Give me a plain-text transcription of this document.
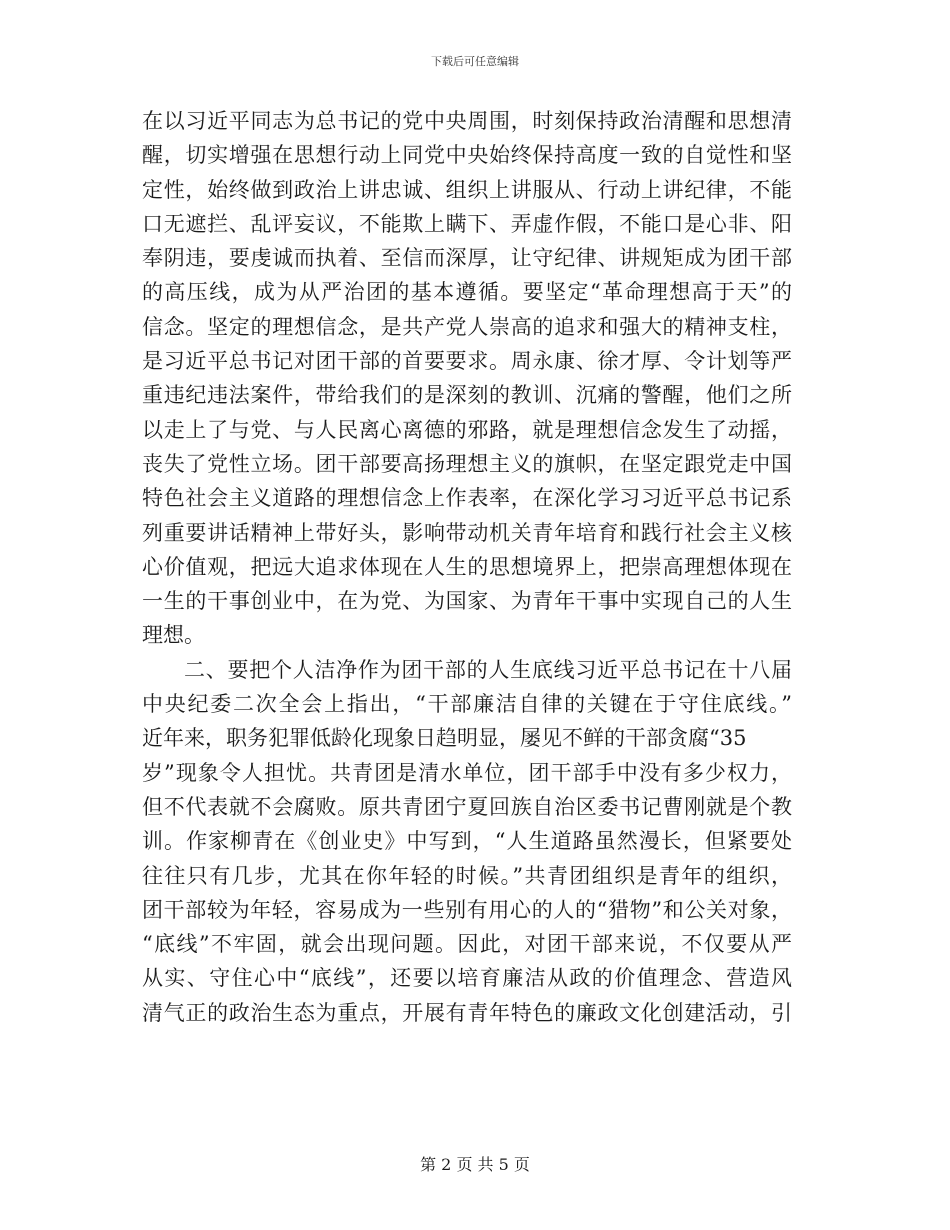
下载后可任意编辑
在以习近平同志为总书记的党中央周围，时刻保持政治清醒和思想清
醒，切实增强在思想行动上同党中央始终保持高度一致的自觉性和坚
定性，始终做到政治上讲忠诚、组织上讲服从、行动上讲纪律，不能
口无遮拦、乱评妄议，不能欺上瞒下、弄虚作假，不能口是心非、阳
奉阴违，要虔诚而执着、至信而深厚，让守纪律、讲规矩成为团干部
的高压线，成为从严治团的基本遵循。要坚定“革命理想高于天”的
信念。坚定的理想信念，是共产党人崇高的追求和强大的精神支柱，
是习近平总书记对团干部的首要要求。周永康、徐才厚、令计划等严
重违纪违法案件，带给我们的是深刻的教训、沉痛的警醒，他们之所
以走上了与党、与人民离心离德的邪路，就是理想信念发生了动摇，
丧失了党性立场。团干部要高扬理想主义的旗帜，在坚定跟党走中国
特色社会主义道路的理想信念上作表率，在深化学习习近平总书记系
列重要讲话精神上带好头，影响带动机关青年培育和践行社会主义核
心价值观，把远大追求体现在人生的思想境界上，把崇高理想体现在
一生的干事创业中，在为党、为国家、为青年干事中实现自己的人生
理想。
二、要把个人洁净作为团干部的人生底线习近平总书记在十八届
中央纪委二次全会上指出，“干部廉洁自律的关键在于守住底线。”
近年来，职务犯罪低龄化现象日趋明显，屡见不鲜的干部贪腐“35
岁”现象令人担忧。共青团是清水单位，团干部手中没有多少权力，
但不代表就不会腐败。原共青团宁夏回族自治区委书记曹刚就是个教
训。作家柳青在《创业史》中写到，“人生道路虽然漫长，但紧要处
往往只有几步，尤其在你年轻的时候。”共青团组织是青年的组织，
团干部较为年轻，容易成为一些别有用心的人的“猎物”和公关对象，
“底线”不牢固，就会出现问题。因此，对团干部来说，不仅要从严
从实、守住心中“底线”，还要以培育廉洁从政的价值理念、营造风
清气正的政治生态为重点，开展有青年特色的廉政文化创建活动，引
第 2 页 共 5 页
